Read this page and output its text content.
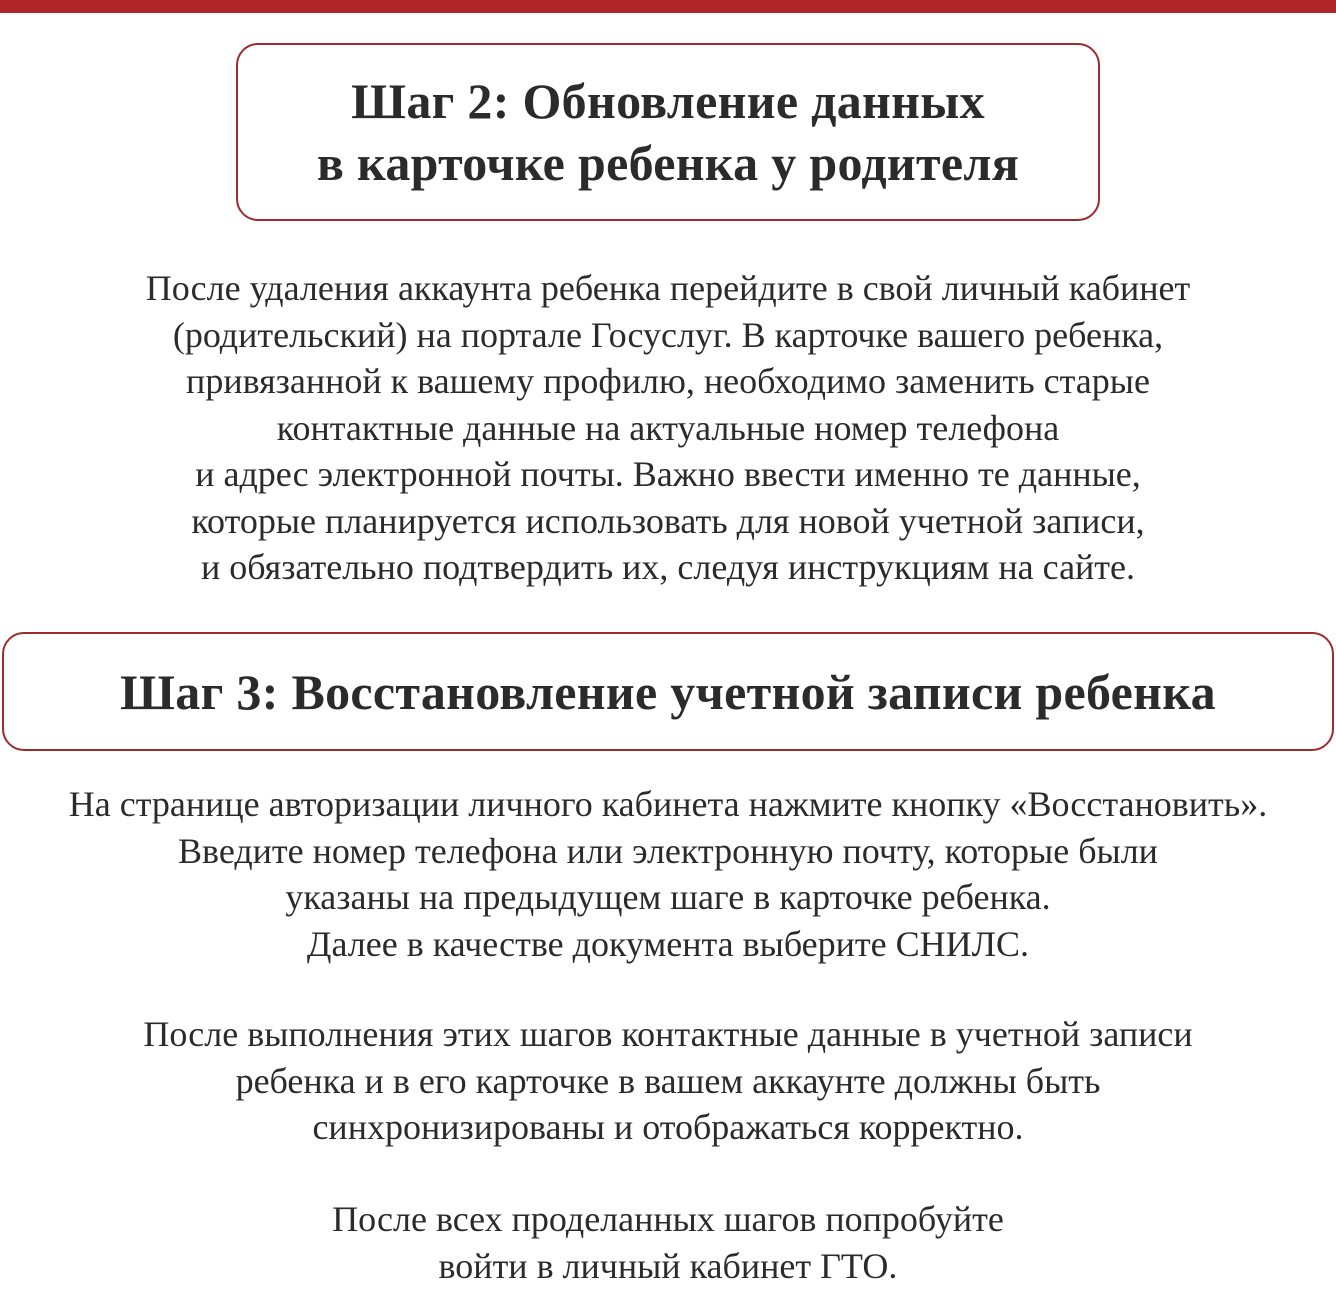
Шаг 2: Обновление данных
в карточке ребенка у родителя
После удаления аккаунта ребенка перейдите в свой личный кабинет
(родительский) на портале Госуслуг. В карточке вашего ребенка,
привязанной к вашему профилю, необходимо заменить старые
контактные данные на актуальные номер телефона
и адрес электронной почты. Важно ввести именно те данные,
которые планируется использовать для новой учетной записи,
и обязательно подтвердить их, следуя инструкциям на сайте.
Шаг 3: Восстановление учетной записи ребенка
На странице авторизации личного кабинета нажмите кнопку «Восстановить».
Введите номер телефона или электронную почту, которые были
указаны на предыдущем шаге в карточке ребенка.
Далее в качестве документа выберите СНИЛС.
После выполнения этих шагов контактные данные в учетной записи
ребенка и в его карточке в вашем аккаунте должны быть
синхронизированы и отображаться корректно.
После всех проделанных шагов попробуйте
войти в личный кабинет ГТО.
